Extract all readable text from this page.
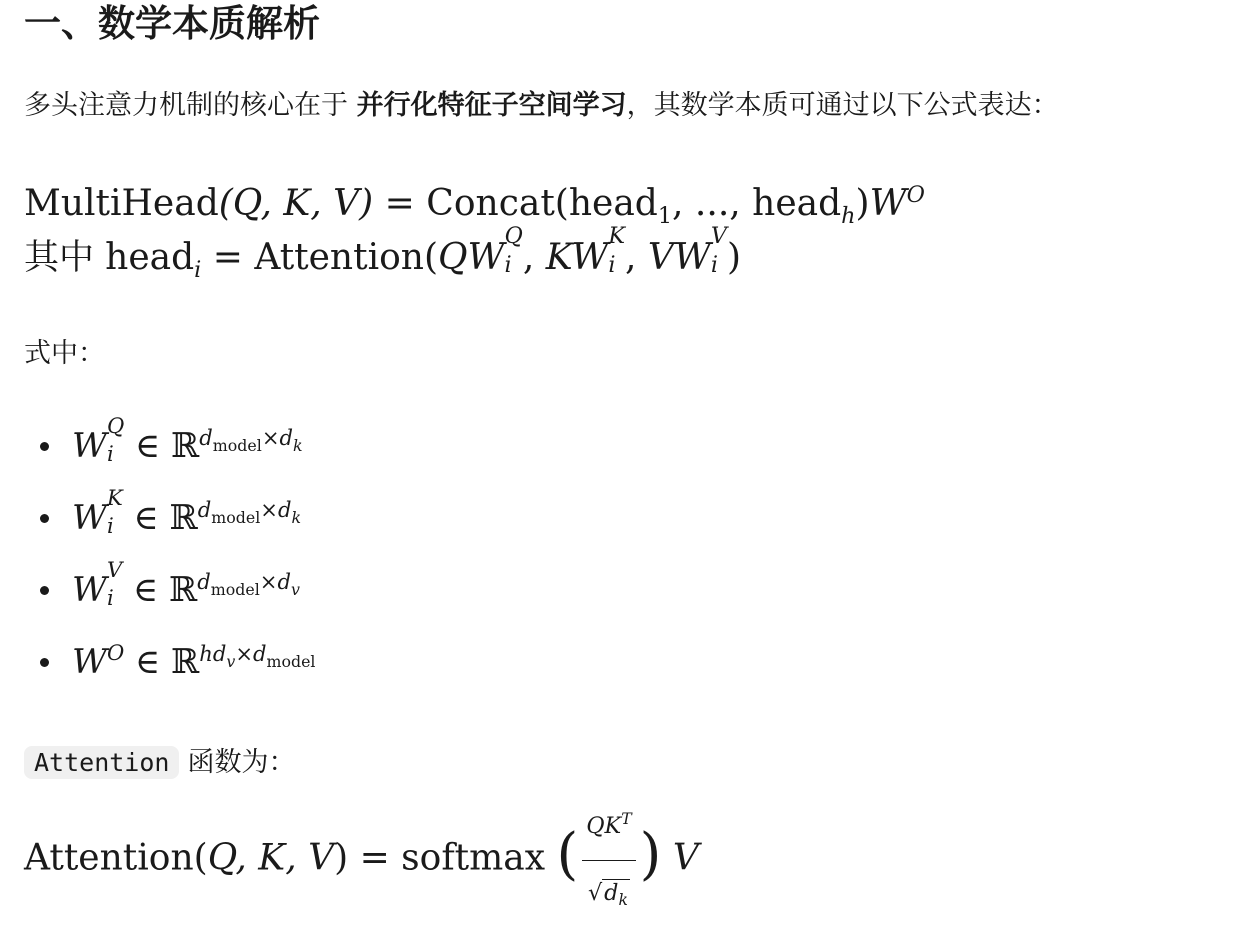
一、数学本质解析

多头注意力机制的核心在于 并行化特征子空间学习，其数学本质可通过以下公式表达：

MultiHead(Q, K, V) = Concat(head$_1$, ..., $head_h)W^O$
其中 head$_i$ = Attention(QW
Q
i , KW
K
i , VW
V
i )

式中：

W
Q
i ∈ ℝ$^{d_{model}\times d_k}$
W
K
i ∈ ℝ$^{d_{model}\times d_k}$
W
V
i ∈ ℝ$^{d_{model}\times d_v}$
$W^O$ ∈ ℝ$^{hd_v\times d_{model}}$

Attention 函数为：

Attention(Q, K, V) = softmax ( $\frac{QK^T}{√d_k}$ ) V
